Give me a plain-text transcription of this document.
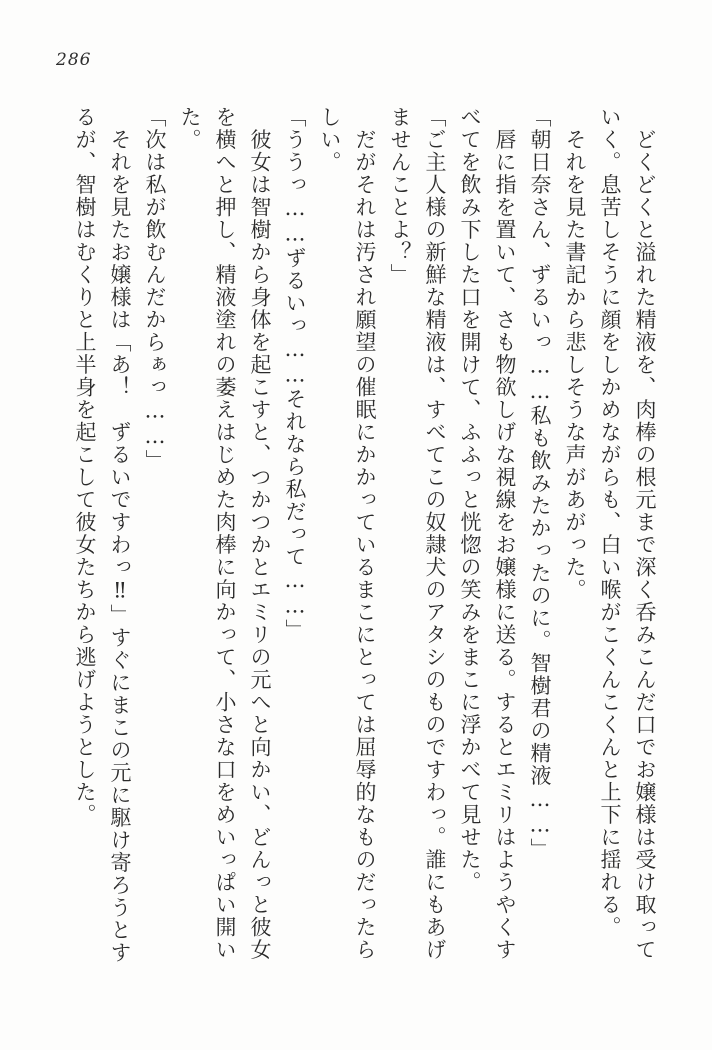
286
　どくどくと溢れた精液を、肉棒の根元まで深く呑みこんだ口でお嬢様は受け取って
いく。息苦しそうに顔をしかめながらも、白い喉がこくんこくんと上下に揺れる。
　それを見た書記から悲しそうな声があがった。
「朝日奈さん、ずるいっ……私も飲みたかったのに。智樹君の精液……」
　唇に指を置いて、さも物欲しげな視線をお嬢様に送る。するとエミリはようやくす
べてを飲み下した口を開けて、ふふっと恍惚の笑みをまこに浮かべて見せた。
「ご主人様の新鮮な精液は、すべてこの奴隷犬のアタシのものですわっ。誰にもあげ
ませんことよ？」
　だがそれは汚され願望の催眠にかかっているまこにとっては屈辱的なものだったら
しい。
「ううっ……ずるいっ……それなら私だって……」
　彼女は智樹から身体を起こすと、つかつかとエミリの元へと向かい、どんっと彼女
を横へと押し、精液塗れの萎えはじめた肉棒に向かって、小さな口をめいっぱい開い
た。
「次は私が飲むんだからぁっ……」
　それを見たお嬢様は「あ！　ずるいですわっ‼」すぐにまこの元に駆け寄ろうとす
るが、智樹はむくりと上半身を起こして彼女たちから逃げようとした。
